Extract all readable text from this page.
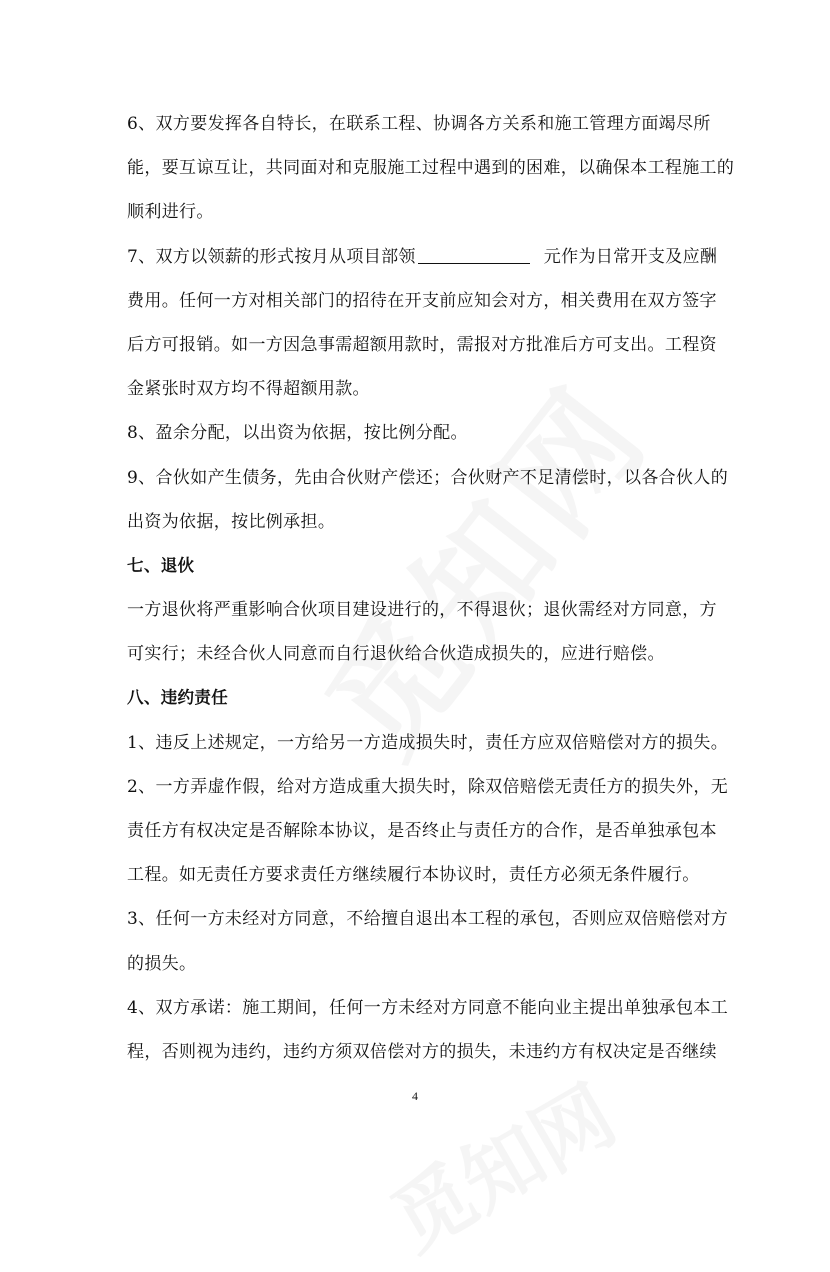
6、双方要发挥各自特长，在联系工程、协调各方关系和施工管理方面竭尽所
能，要互谅互让，共同面对和克服施工过程中遇到的困难，以确保本工程施工的
顺利进行。
7、双方以领薪的形式按月从项目部领	元作为日常开支及应酬
费用。任何一方对相关部门的招待在开支前应知会对方，相关费用在双方签字
后方可报销。如一方因急事需超额用款时，需报对方批准后方可支出。工程资
金紧张时双方均不得超额用款。
8、盈余分配，以出资为依据，按比例分配。
9、合伙如产生债务，先由合伙财产偿还；合伙财产不足清偿时，以各合伙人的
出资为依据，按比例承担。
七、退伙
一方退伙将严重影响合伙项目建设进行的，不得退伙；退伙需经对方同意，方
可实行；未经合伙人同意而自行退伙给合伙造成损失的，应进行赔偿。
八、违约责任
1、违反上述规定，一方给另一方造成损失时，责任方应双倍赔偿对方的损失。
2、一方弄虚作假，给对方造成重大损失时，除双倍赔偿无责任方的损失外，无
责任方有权决定是否解除本协议，是否终止与责任方的合作，是否单独承包本
工程。如无责任方要求责任方继续履行本协议时，责任方必须无条件履行。
3、任何一方未经对方同意，不给擅自退出本工程的承包，否则应双倍赔偿对方
的损失。
4、双方承诺：施工期间，任何一方未经对方同意不能向业主提出单独承包本工
程，否则视为违约，违约方须双倍偿对方的损失，未违约方有权决定是否继续
4
